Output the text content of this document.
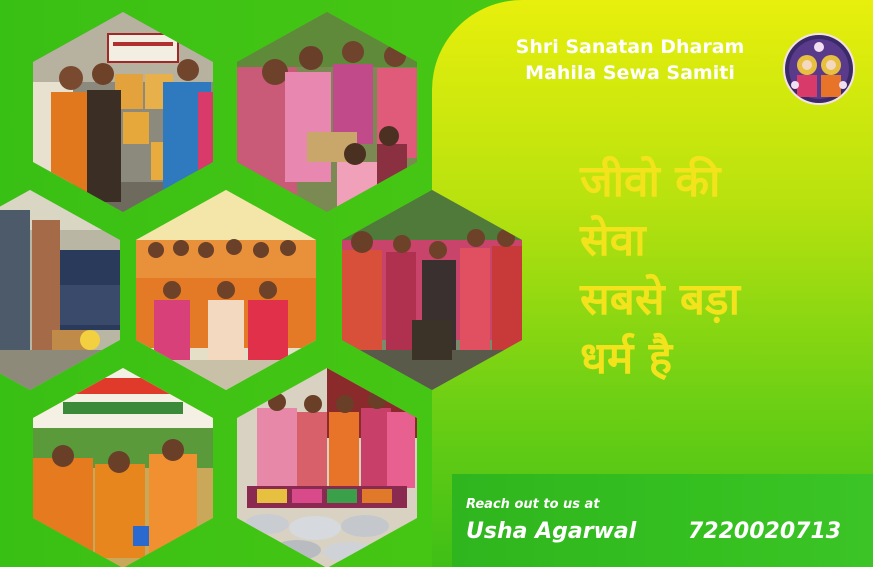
Shri Sanatan Dharam
Mahila Sewa Samiti
जीवो की
सेवा
सबसे बड़ा
धर्म है
Reach out to us at
Usha Agarwal 7220020713
